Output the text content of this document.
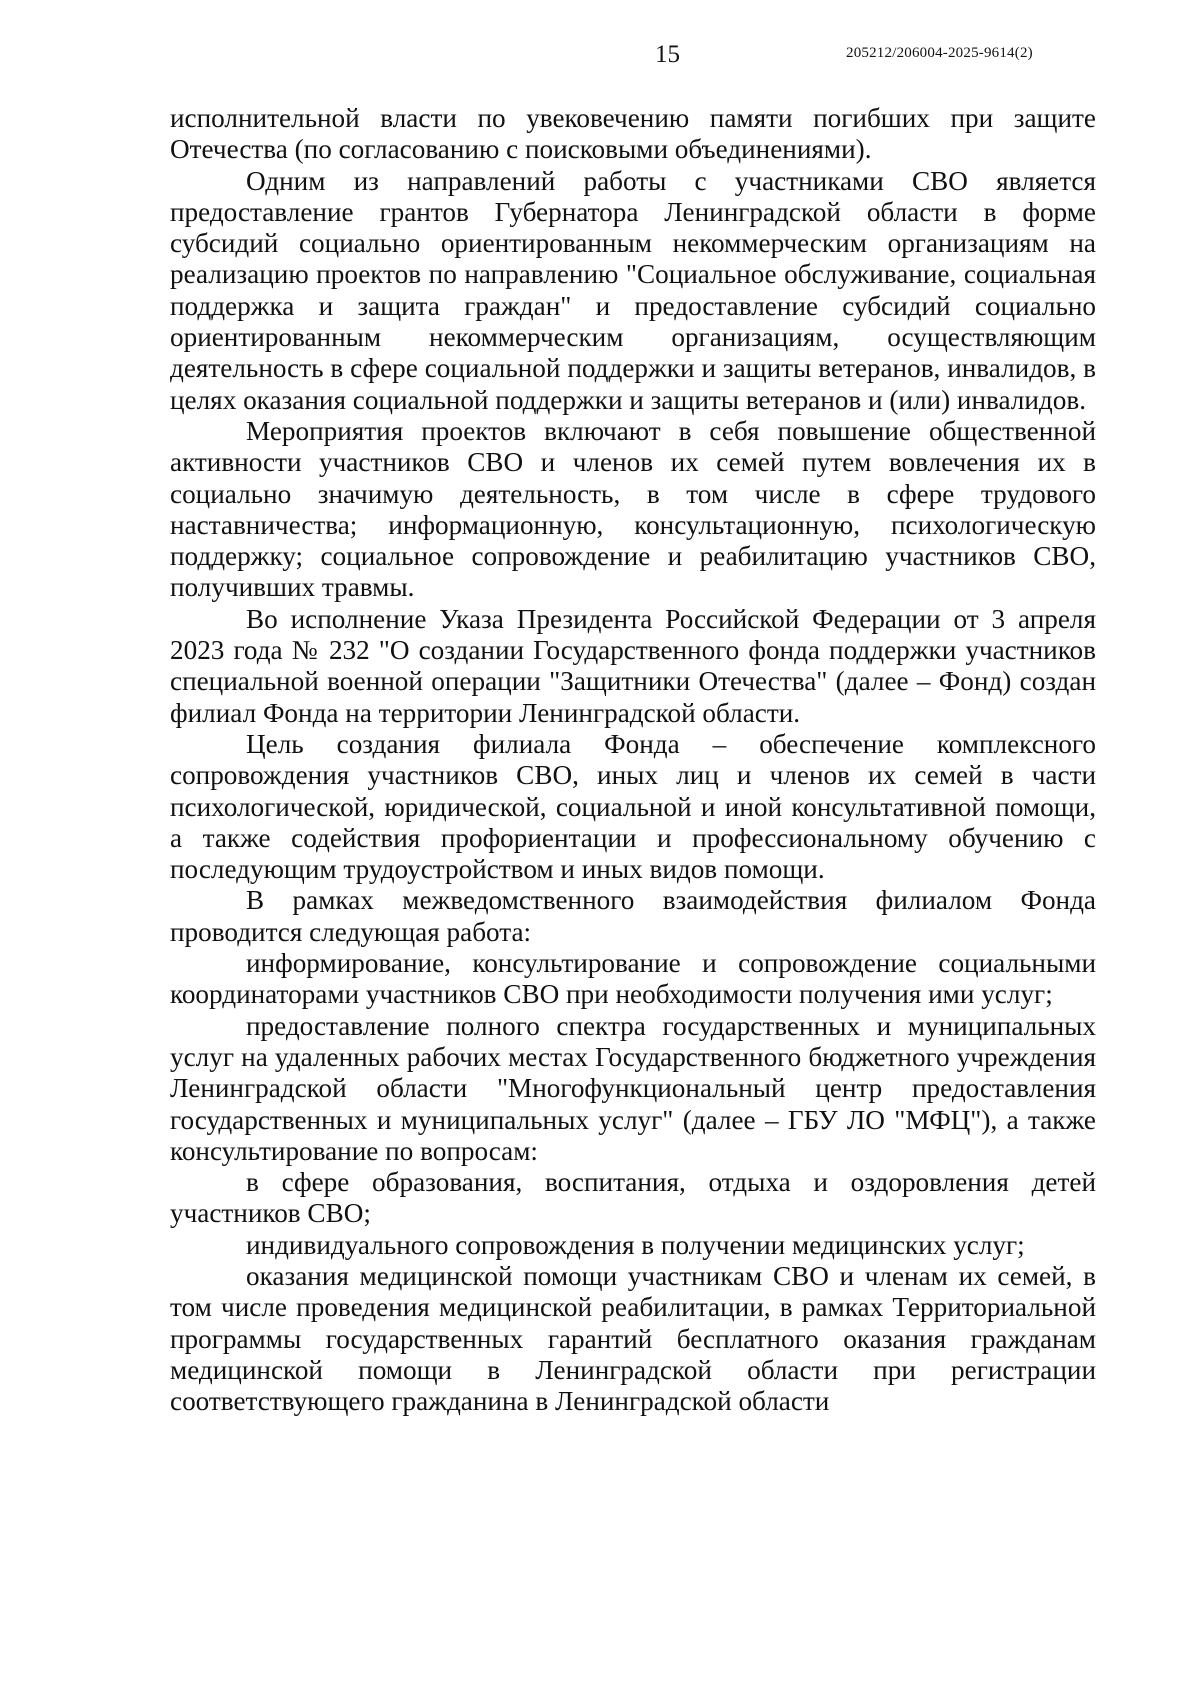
15	205212/206004-2025-9614(2)

исполнительной власти по увековечению памяти погибших при защите Отечества (по согласованию с поисковыми объединениями).

Одним из направлений работы с участниками СВО является предоставление грантов Губернатора Ленинградской области в форме субсидий социально ориентированным некоммерческим организациям на реализацию проектов по направлению "Социальное обслуживание, социальная поддержка и защита граждан" и предоставление субсидий социально ориентированным некоммерческим организациям, осуществляющим деятельность в сфере социальной поддержки и защиты ветеранов, инвалидов, в целях оказания социальной поддержки и защиты ветеранов и (или) инвалидов.

Мероприятия проектов включают в себя повышение общественной активности участников СВО и членов их семей путем вовлечения их в социально значимую деятельность, в том числе в сфере трудового наставничества; информационную, консультационную, психологическую поддержку; социальное сопровождение и реабилитацию участников СВО, получивших травмы.

Во исполнение Указа Президента Российской Федерации от 3 апреля 2023 года № 232 "О создании Государственного фонда поддержки участников специальной военной операции "Защитники Отечества" (далее – Фонд) создан филиал Фонда на территории Ленинградской области.

Цель создания филиала Фонда – обеспечение комплексного сопровождения участников СВО, иных лиц и членов их семей в части психологической, юридической, социальной и иной консультативной помощи, а также содействия профориентации и профессиональному обучению с последующим трудоустройством и иных видов помощи.

В рамках межведомственного взаимодействия филиалом Фонда проводится следующая работа:

информирование, консультирование и сопровождение социальными координаторами участников СВО при необходимости получения ими услуг;

предоставление полного спектра государственных и муниципальных услуг на удаленных рабочих местах Государственного бюджетного учреждения Ленинградской области "Многофункциональный центр предоставления государственных и муниципальных услуг" (далее – ГБУ ЛО "МФЦ"), а также консультирование по вопросам:

в сфере образования, воспитания, отдыха и оздоровления детей участников СВО;

индивидуального сопровождения в получении медицинских услуг;

оказания медицинской помощи участникам СВО и членам их семей, в том числе проведения медицинской реабилитации, в рамках Территориальной программы государственных гарантий бесплатного оказания гражданам медицинской помощи в Ленинградской области при регистрации соответствующего гражданина в Ленинградской области
